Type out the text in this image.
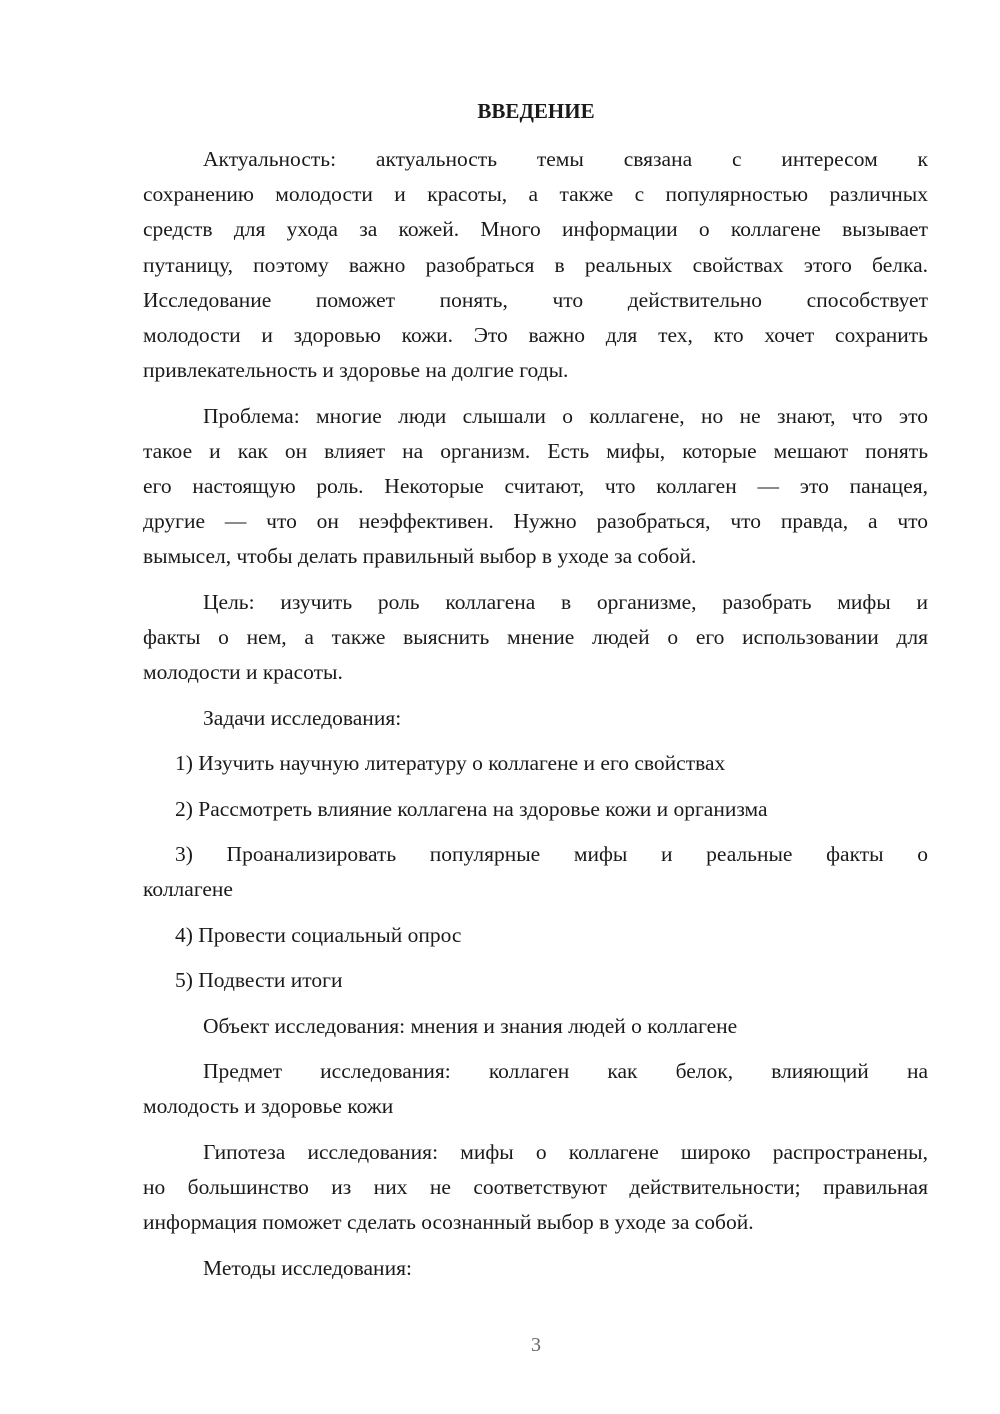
ВВЕДЕНИЕ
Актуальность: актуальность темы связана с интересом к
сохранению молодости и красоты, а также с популярностью различных
средств для ухода за кожей. Много информации о коллагене вызывает
путаницу, поэтому важно разобраться в реальных свойствах этого белка.
Исследование поможет понять, что действительно способствует
молодости и здоровью кожи. Это важно для тех, кто хочет сохранить
привлекательность и здоровье на долгие годы.
Проблема: многие люди слышали о коллагене, но не знают, что это
такое и как он влияет на организм. Есть мифы, которые мешают понять
его настоящую роль. Некоторые считают, что коллаген — это панацея,
другие — что он неэффективен. Нужно разобраться, что правда, а что
вымысел, чтобы делать правильный выбор в уходе за собой.
Цель: изучить роль коллагена в организме, разобрать мифы и
факты о нем, а также выяснить мнение людей о его использовании для
молодости и красоты.
Задачи исследования:
1) Изучить научную литературу о коллагене и его свойствах
2) Рассмотреть влияние коллагена на здоровье кожи и организма
3) Проанализировать популярные мифы и реальные факты о
коллагене
4) Провести социальный опрос
5) Подвести итоги
Объект исследования: мнения и знания людей о коллагене
Предмет исследования: коллаген как белок, влияющий на
молодость и здоровье кожи
Гипотеза исследования: мифы о коллагене широко распространены,
но большинство из них не соответствуют действительности; правильная
информация поможет сделать осознанный выбор в уходе за собой.
Методы исследования:
3
